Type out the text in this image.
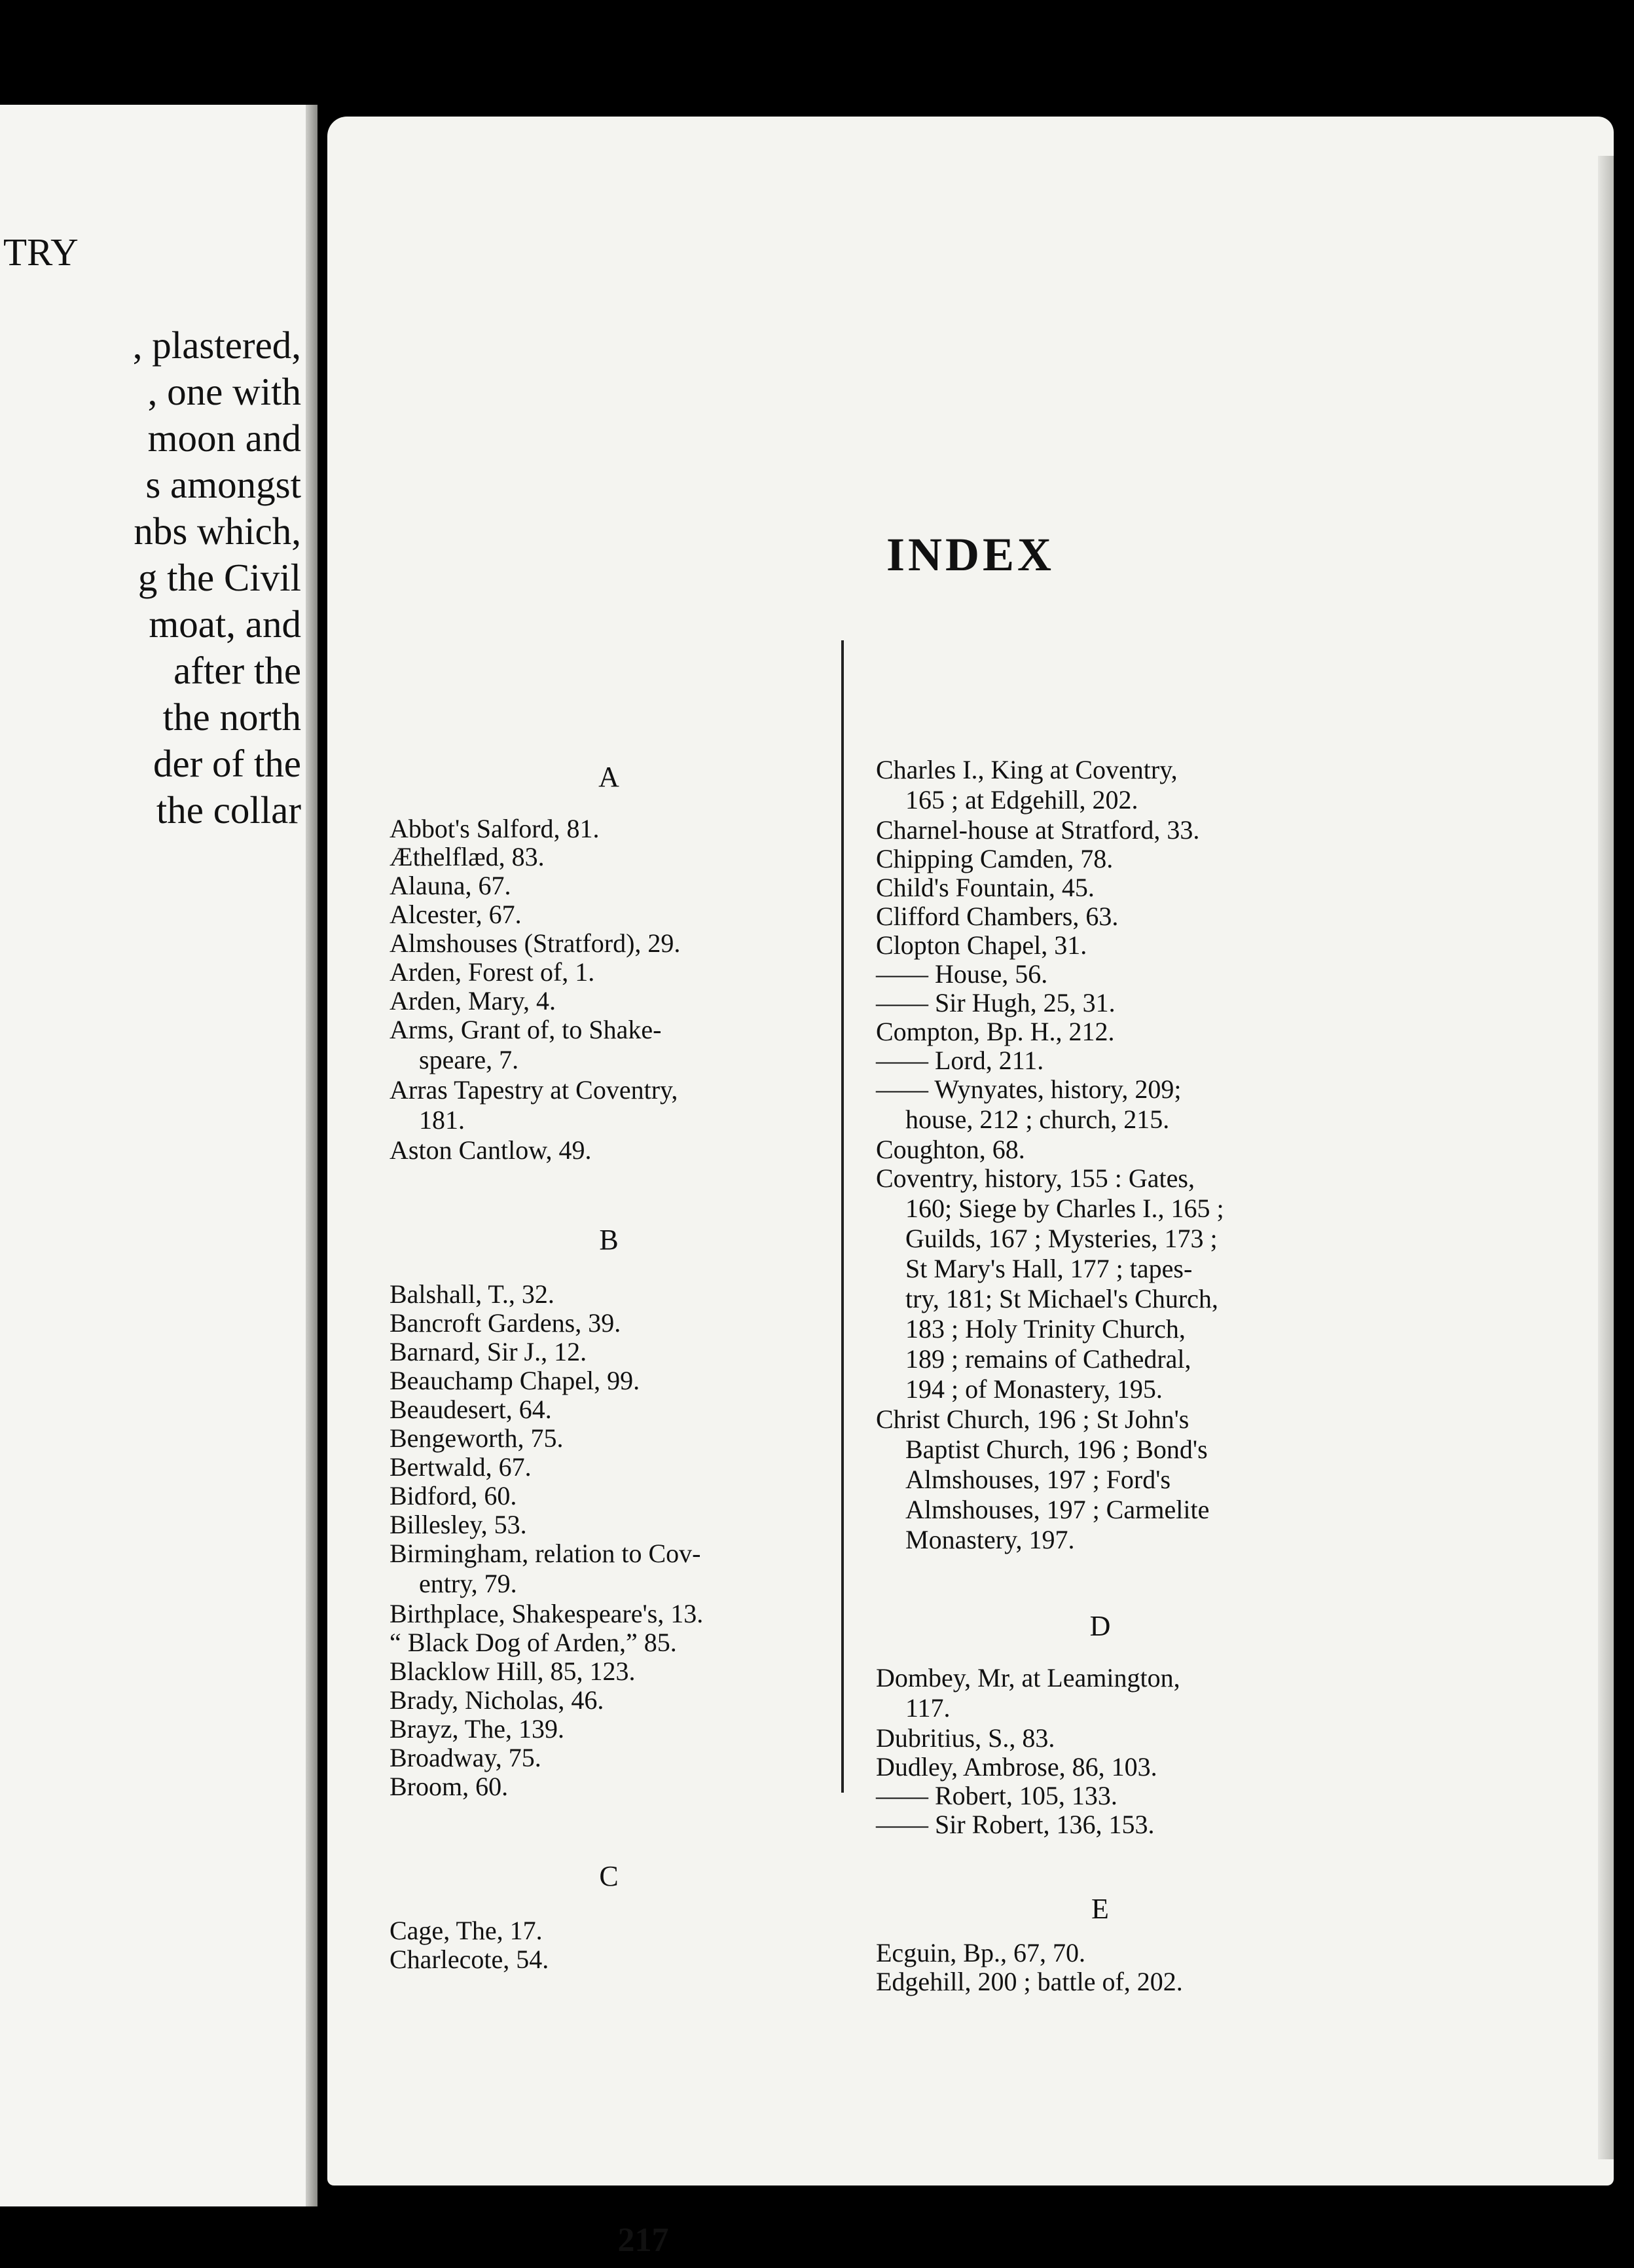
TRY
, plastered,
, one with
moon and
s amongst
nbs which,
g the Civil
moat, and
after the
the north
der of the
the collar
INDEX
A
Abbot's Salford, 81.
Æthelflæd, 83.
Alauna, 67.
Alcester, 67.
Almshouses (Stratford), 29.
Arden, Forest of, 1.
Arden, Mary, 4.
Arms, Grant of, to Shake-
speare, 7.
Arras Tapestry at Coventry,
181.
Aston Cantlow, 49.
B
Balshall, T., 32.
Bancroft Gardens, 39.
Barnard, Sir J., 12.
Beauchamp Chapel, 99.
Beaudesert, 64.
Bengeworth, 75.
Bertwald, 67.
Bidford, 60.
Billesley, 53.
Birmingham, relation to Cov-
entry, 79.
Birthplace, Shakespeare's, 13.
“ Black Dog of Arden,” 85.
Blacklow Hill, 85, 123.
Brady, Nicholas, 46.
Brayz, The, 139.
Broadway, 75.
Broom, 60.
C
Cage, The, 17.
Charlecote, 54.
Charles I., King at Coventry,
165 ; at Edgehill, 202.
Charnel-house at Stratford, 33.
Chipping Camden, 78.
Child's Fountain, 45.
Clifford Chambers, 63.
Clopton Chapel, 31.
—— House, 56.
—— Sir Hugh, 25, 31.
Compton, Bp. H., 212.
—— Lord, 211.
—— Wynyates, history, 209;
house, 212 ; church, 215.
Coughton, 68.
Coventry, history, 155 : Gates,
160; Siege by Charles I., 165 ;
Guilds, 167 ; Mysteries, 173 ;
St Mary's Hall, 177 ; tapes-
try, 181; St Michael's Church,
183 ; Holy Trinity Church,
189 ; remains of Cathedral,
194 ; of Monastery, 195.
Christ Church, 196 ; St John's
Baptist Church, 196 ; Bond's
Almshouses, 197 ; Ford's
Almshouses, 197 ; Carmelite
Monastery, 197.
D
Dombey, Mr, at Leamington,
117.
Dubritius, S., 83.
Dudley, Ambrose, 86, 103.
—— Robert, 105, 133.
—— Sir Robert, 136, 153.
E
Ecguin, Bp., 67, 70.
Edgehill, 200 ; battle of, 202.
217
